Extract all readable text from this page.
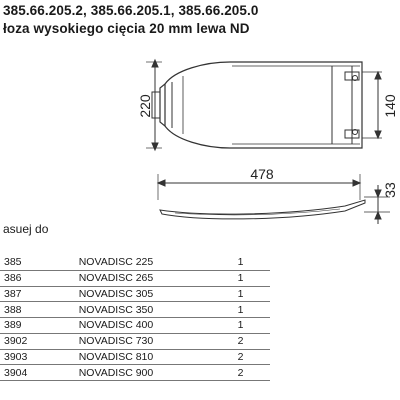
385.66.205.2, 385.66.205.1, 385.66.205.0
łoza wysokiego cięcia 20 mm lewa ND
220	140
478
33
asuej do
385	NOVADISC 225	1
386	NOVADISC 265	1
387	NOVADISC 305	1
388	NOVADISC 350	1
389	NOVADISC 400	1
3902	NOVADISC 730	2
3903	NOVADISC 810	2
3904	NOVADISC 900	2
